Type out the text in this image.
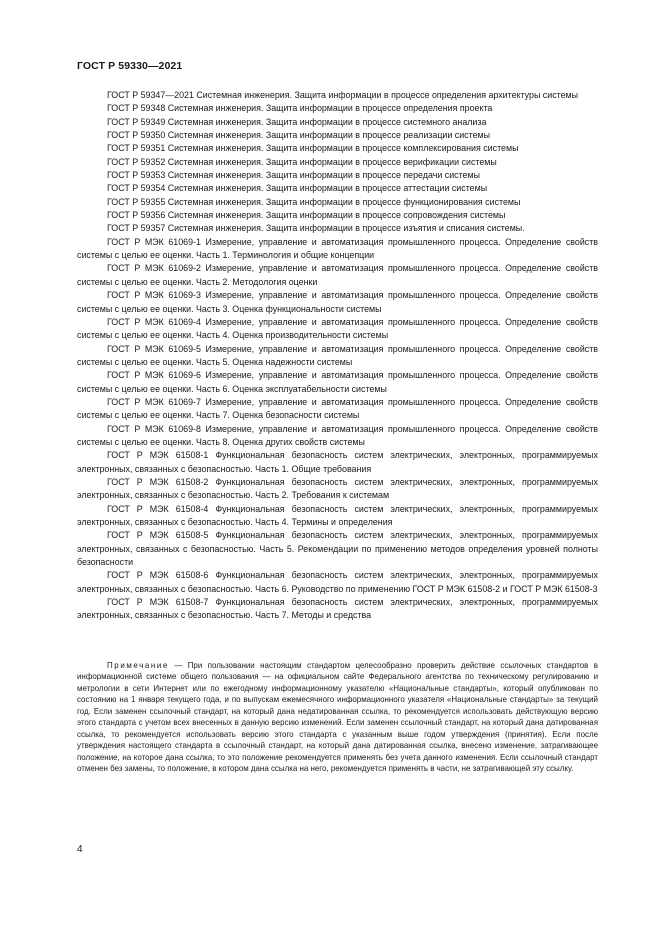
ГОСТ Р 59330—2021

ГОСТ Р 59347—2021 Системная инженерия. Защита информации в процессе определения архитектуры системы

ГОСТ Р 59348 Системная инженерия. Защита информации в процессе определения проекта

ГОСТ Р 59349 Системная инженерия. Защита информации в процессе системного анализа

ГОСТ Р 59350 Системная инженерия. Защита информации в процессе реализации системы

ГОСТ Р 59351 Системная инженерия. Защита информации в процессе комплексирования системы

ГОСТ Р 59352 Системная инженерия. Защита информации в процессе верификации системы

ГОСТ Р 59353 Системная инженерия. Защита информации в процессе передачи системы

ГОСТ Р 59354 Системная инженерия. Защита информации в процессе аттестации системы

ГОСТ Р 59355 Системная инженерия. Защита информации в процессе функционирования системы

ГОСТ Р 59356 Системная инженерия. Защита информации в процессе сопровождения системы

ГОСТ Р 59357 Системная инженерия. Защита информации в процессе изъятия и списания системы.

ГОСТ Р МЭК 61069-1 Измерение, управление и автоматизация промышленного процесса. Определение свойств системы с целью ее оценки. Часть 1. Терминология и общие концепции

ГОСТ Р МЭК 61069-2 Измерение, управление и автоматизация промышленного процесса. Определение свойств системы с целью ее оценки. Часть 2. Методология оценки

ГОСТ Р МЭК 61069-3 Измерение, управление и автоматизация промышленного процесса. Определение свойств системы с целью ее оценки. Часть 3. Оценка функциональности системы

ГОСТ Р МЭК 61069-4 Измерение, управление и автоматизация промышленного процесса. Определение свойств системы с целью ее оценки. Часть 4. Оценка производительности системы

ГОСТ Р МЭК 61069-5 Измерение, управление и автоматизация промышленного процесса. Определение свойств системы с целью ее оценки. Часть 5. Оценка надежности системы

ГОСТ Р МЭК 61069-6 Измерение, управление и автоматизация промышленного процесса. Определение свойств системы с целью ее оценки. Часть 6. Оценка эксплуатабельности системы

ГОСТ Р МЭК 61069-7 Измерение, управление и автоматизация промышленного процесса. Определение свойств системы с целью ее оценки. Часть 7. Оценка безопасности системы

ГОСТ Р МЭК 61069-8 Измерение, управление и автоматизация промышленного процесса. Определение свойств системы с целью ее оценки. Часть 8. Оценка других свойств системы

ГОСТ Р МЭК 61508-1 Функциональная безопасность систем электрических, электронных, программируемых электронных, связанных с безопасностью. Часть 1. Общие требования

ГОСТ Р МЭК 61508-2 Функциональная безопасность систем электрических, электронных, программируемых электронных, связанных с безопасностью. Часть 2. Требования к системам

ГОСТ Р МЭК 61508-4 Функциональная безопасность систем электрических, электронных, программируемых электронных, связанных с безопасностью. Часть 4. Термины и определения

ГОСТ Р МЭК 61508-5 Функциональная безопасность систем электрических, электронных, программируемых электронных, связанных с безопасностью. Часть 5. Рекомендации по применению методов определения уровней полноты безопасности

ГОСТ Р МЭК 61508-6 Функциональная безопасность систем электрических, электронных, программируемых электронных, связанных с безопасностью. Часть 6. Руководство по применению ГОСТ Р МЭК 61508-2 и ГОСТ Р МЭК 61508-3

ГОСТ Р МЭК 61508-7 Функциональная безопасность систем электрических, электронных, программируемых электронных, связанных с безопасностью. Часть 7. Методы и средства

Примечание — При пользовании настоящим стандартом целесообразно проверить действие ссылочных стандартов в информационной системе общего пользования — на официальном сайте Федерального агентства по техническому регулированию и метрологии в сети Интернет или по ежегодному информационному указателю «Национальные стандарты», который опубликован по состоянию на 1 января текущего года, и по выпускам ежемесячного информационного указателя «Национальные стандарты» за текущий год. Если заменен ссылочный стандарт, на который дана недатированная ссылка, то рекомендуется использовать действующую версию этого стандарта с учетом всех внесенных в данную версию изменений. Если заменен ссылочный стандарт, на который дана датированная ссылка, то рекомендуется использовать версию этого стандарта с указанным выше годом утверждения (принятия). Если после утверждения настоящего стандарта в ссылочный стандарт, на который дана датированная ссылка, внесено изменение, затрагивающее положение, на которое дана ссылка, то это положение рекомендуется применять без учета данного изменения. Если ссылочный стандарт отменен без замены, то положение, в котором дана ссылка на него, рекомендуется применять в части, не затрагивающей эту ссылку.

4
